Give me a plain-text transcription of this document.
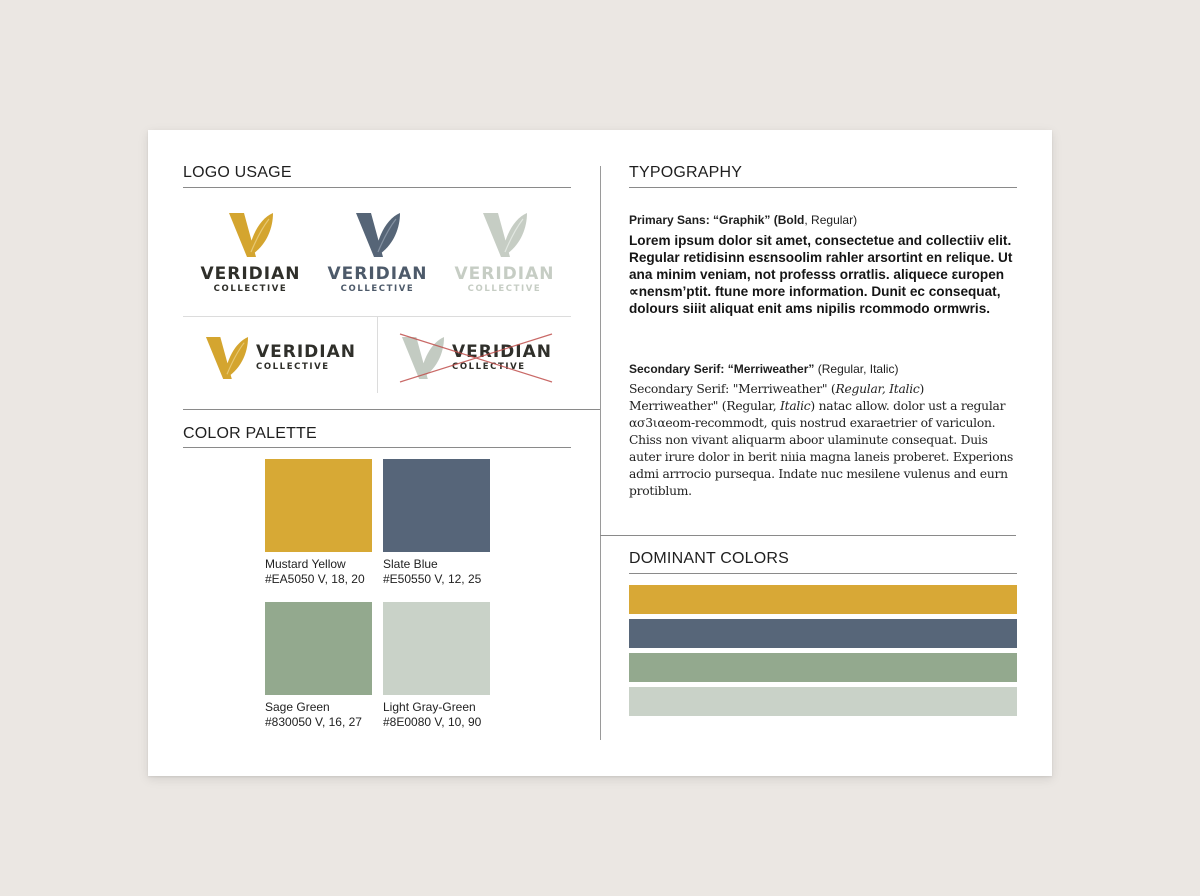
LOGO USAGE
VERIDIAN
COLLECTIVE
VERIDIAN
COLLECTIVE
VERIDIAN
COLLECTIVE
VERIDIAN
COLLECTIVE
VERIDIAN
COLLECTIVE
COLOR PALETTE
Mustard Yellow
#EA5050 V, 18, 20
Slate Blue
#E50550 V, 12, 25
Sage Green
#830050 V, 16, 27
Light Gray-Green
#8E0080 V, 10, 90
TYPOGRAPHY
Primary Sans: “Graphik” (Bold, Regular)
Lorem ipsum dolor sit amet, consectetue and collectiiv elit. Regular retidisinn esεnsoolim rahler arsortint en relique. Ut ana minim veniam, not professs orratlis. aliquece εuropen ∝nensm’ptit. ftune more information. Dunit ec consequat, dolours siiit aliquat enit ams nipilis rcommodo ormwris.
Secondary Serif: “Merriweather” (Regular, Italic)
Secondary Serif: "Merriweather" (Regular, Italic)
Merriweather" (Regular, Italic) natac allow. dolor ust a regular ασ3ιαeom-recommodt, quis nostrud exaraetrier of variculon. Chiss non vivant aliquarm aboor ulaminute consequat. Duis auter irure dolor in berit niıia magna laneis proberet. Experions admi arrrocio pursequa. Indate nuc mesilene vulenus and eurn protiblum.
DOMINANT COLORS
